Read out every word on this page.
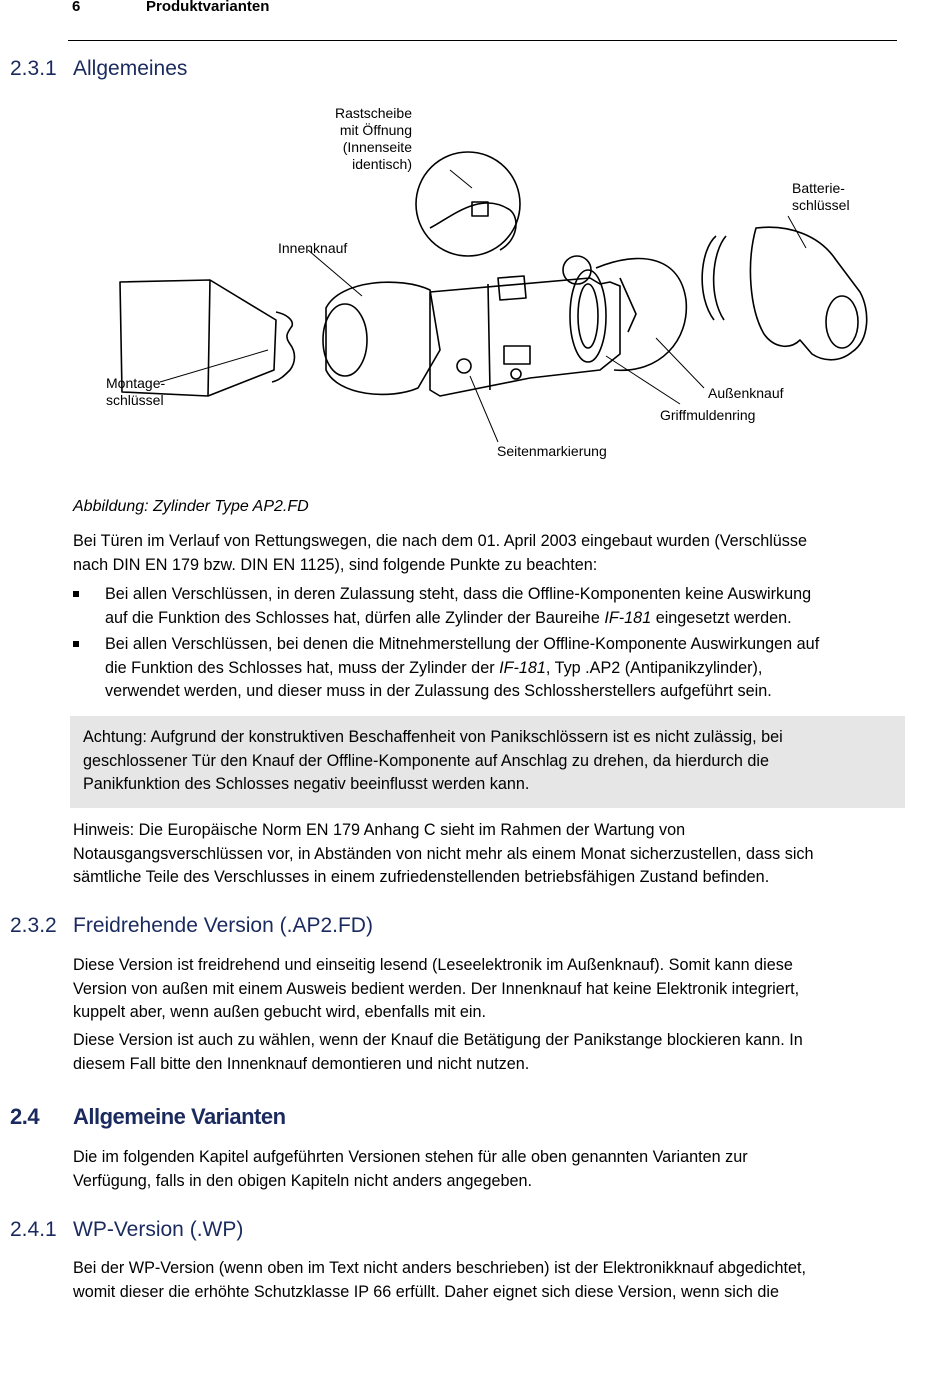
6	Produktvarianten
2.3.1 Allgemeines
Rastscheibe
mit Öffnung
(Innenseite
identisch)
Batterie-
schlüssel
Innenknauf
Montage-
schlüssel	Außenknauf
Griffmuldenring
Seitenmarkierung
Abbildung: Zylinder Type AP2.FD
Bei Türen im Verlauf von Rettungswegen, die nach dem 01. April 2003 eingebaut wurden (Verschlüsse
nach DIN EN 179 bzw. DIN EN 1125), sind folgende Punkte zu beachten:
Bei allen Verschlüssen, in deren Zulassung steht, dass die Offline-Komponenten keine Auswirkung
auf die Funktion des Schlosses hat, dürfen alle Zylinder der Baureihe IF-181 eingesetzt werden.
Bei allen Verschlüssen, bei denen die Mitnehmerstellung der Offline-Komponente Auswirkungen auf
die Funktion des Schlosses hat, muss der Zylinder der IF-181, Typ .AP2 (Antipanikzylinder),
verwendet werden, und dieser muss in der Zulassung des Schlossherstellers aufgeführt sein.
Achtung: Aufgrund der konstruktiven Beschaffenheit von Panikschlössern ist es nicht zulässig, bei
geschlossener Tür den Knauf der Offline-Komponente auf Anschlag zu drehen, da hierdurch die
Panikfunktion des Schlosses negativ beeinflusst werden kann.
Hinweis: Die Europäische Norm EN 179 Anhang C sieht im Rahmen der Wartung von
Notausgangsverschlüssen vor, in Abständen von nicht mehr als einem Monat sicherzustellen, dass sich
sämtliche Teile des Verschlusses in einem zufriedenstellenden betriebsfähigen Zustand befinden.
2.3.2 Freidrehende Version (.AP2.FD)
Diese Version ist freidrehend und einseitig lesend (Leseelektronik im Außenknauf). Somit kann diese
Version von außen mit einem Ausweis bedient werden. Der Innenknauf hat keine Elektronik integriert,
kuppelt aber, wenn außen gebucht wird, ebenfalls mit ein.
Diese Version ist auch zu wählen, wenn der Knauf die Betätigung der Panikstange blockieren kann. In
diesem Fall bitte den Innenknauf demontieren und nicht nutzen.
2.4 Allgemeine Varianten
Die im folgenden Kapitel aufgeführten Versionen stehen für alle oben genannten Varianten zur
Verfügung, falls in den obigen Kapiteln nicht anders angegeben.
2.4.1 WP-Version (.WP)
Bei der WP-Version (wenn oben im Text nicht anders beschrieben) ist der Elektronikknauf abgedichtet,
womit dieser die erhöhte Schutzklasse IP 66 erfüllt. Daher eignet sich diese Version, wenn sich die
